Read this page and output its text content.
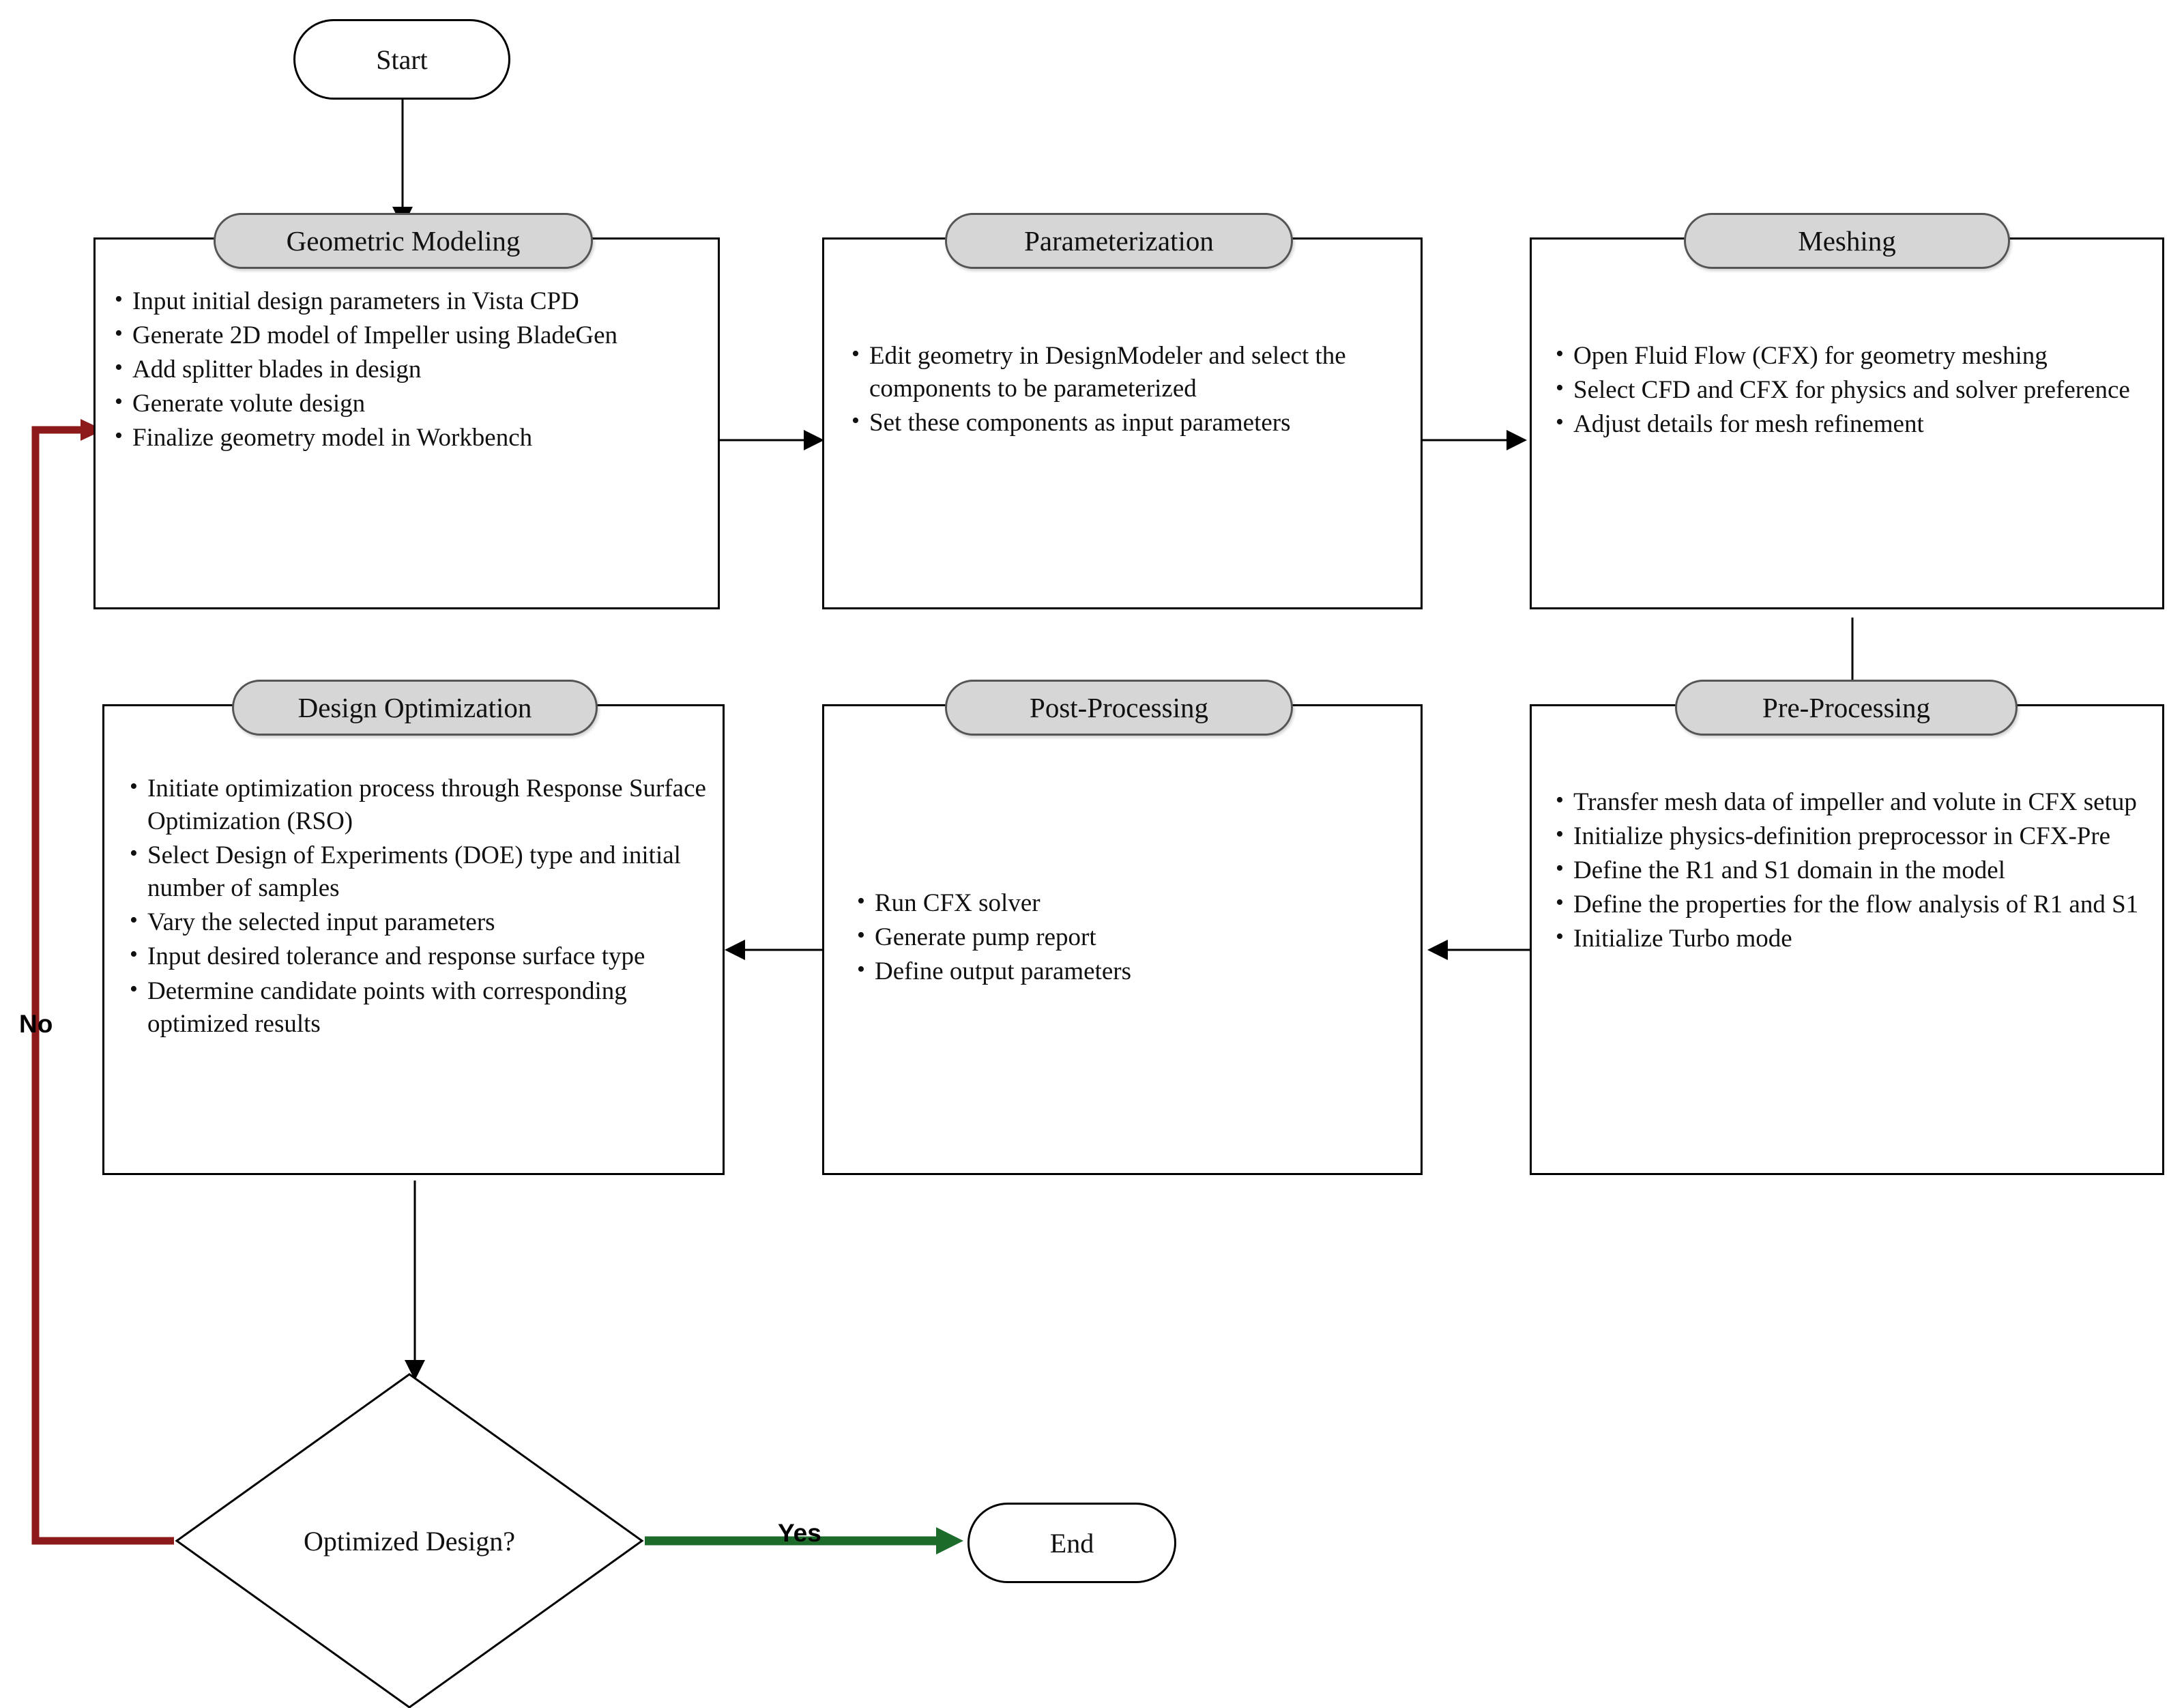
Start
Geometric Modeling
• Input initial design parameters in Vista CPD
• Generate 2D model of Impeller using BladeGen
• Add splitter blades in design
• Generate volute design
• Finalize geometry model in Workbench
Parameterization
• Edit geometry in DesignModeler and select the components to be parameterized
• Set these components as input parameters
Meshing
• Open Fluid Flow (CFX) for geometry meshing
• Select CFD and CFX for physics and solver preference
• Adjust details for mesh refinement
Pre-Processing
• Transfer mesh data of impeller and volute in CFX setup
• Initialize physics-definition preprocessor in CFX-Pre
• Define the R1 and S1 domain in the model
• Define the properties for the flow analysis of R1 and S1
• Initialize Turbo mode
Post-Processing
• Run CFX solver
• Generate pump report
• Define output parameters
Design Optimization
• Initiate optimization process through Response Surface Optimization (RSO)
• Select Design of Experiments (DOE) type and initial number of samples
• Vary the selected input parameters
• Input desired tolerance and response surface type
• Determine candidate points with corresponding optimized results
Optimized Design?	End
No
Yes
